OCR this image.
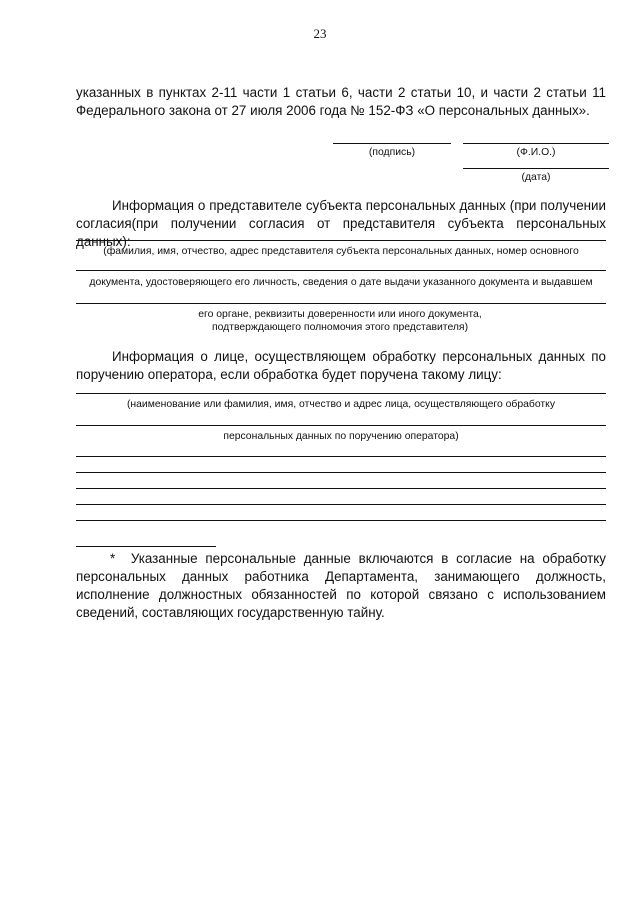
23
указанных в пунктах 2-11 части 1 статьи 6, части 2 статьи 10, и части 2 статьи 11 Федерального закона от 27 июля 2006 года № 152-ФЗ «О персональных данных».
(подпись)	(Ф.И.О.)
(дата)
Информация о представителе субъекта персональных данных (при получении согласия(при получении согласия от представителя субъекта персональных данных):
(фамилия, имя, отчество, адрес представителя субъекта персональных данных, номер основного
документа, удостоверяющего его личность, сведения о дате выдачи указанного документа и выдавшем
его органе, реквизиты доверенности или иного документа, подтверждающего полномочия этого представителя)
Информация о лице, осуществляющем обработку персональных данных по поручению оператора, если обработка будет поручена такому лицу:
(наименование или фамилия, имя, отчество и адрес лица, осуществляющего обработку
персональных данных по поручению оператора)
* Указанные персональные данные включаются в согласие на обработку персональных данных работника Департамента, занимающего должность, исполнение должностных обязанностей по которой связано с использованием сведений, составляющих государственную тайну.
